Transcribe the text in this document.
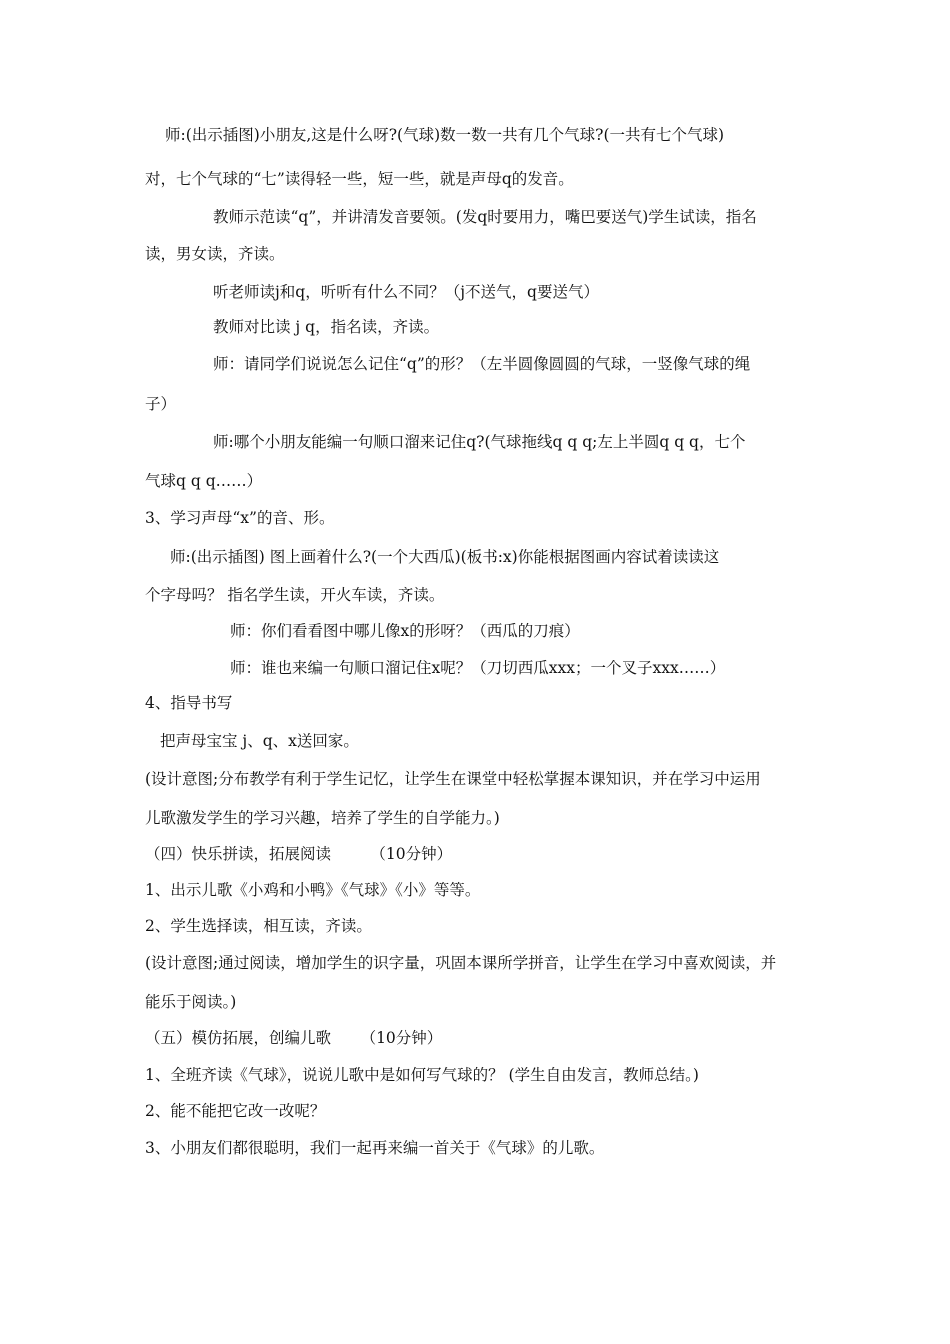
师:(出示插图)小朋友,这是什么呀?(气球)数一数一共有几个气球?(一共有七个气球)
对，七个气球的“七”读得轻一些，短一些，就是声母q的发音。
教师示范读“q”，并讲清发音要领。(发q时要用力，嘴巴要送气)学生试读，指名
读，男女读，齐读。
听老师读j和q，听听有什么不同？（j不送气，q要送气）
教师对比读 j q，指名读，齐读。
师：请同学们说说怎么记住“q”的形？（左半圆像圆圆的气球，一竖像气球的绳
子）
师:哪个小朋友能编一句顺口溜来记住q?(气球拖线q q q;左上半圆q q q，七个
气球q q q……）
3、学习声母“x”的音、形。
师:(出示插图) 图上画着什么?(一个大西瓜)(板书:x)你能根据图画内容试着读读这
个字母吗？ 指名学生读，开火车读，齐读。
师：你们看看图中哪儿像x的形呀？（西瓜的刀痕）
师：谁也来编一句顺口溜记住x呢？（刀切西瓜xxx；一个叉子xxx……）
4、指导书写
把声母宝宝 j、q、x送回家。
(设计意图;分布教学有利于学生记忆，让学生在课堂中轻松掌握本课知识，并在学习中运用
儿歌激发学生的学习兴趣，培养了学生的自学能力。)
（四）快乐拼读，拓展阅读        （10分钟）
1、出示儿歌《小鸡和小鸭》《气球》《小》等等。
2、学生选择读，相互读，齐读。
(设计意图;通过阅读，增加学生的识字量，巩固本课所学拼音，让学生在学习中喜欢阅读，并
能乐于阅读。)
（五）模仿拓展，创编儿歌      （10分钟）
1、全班齐读《气球》，说说儿歌中是如何写气球的？ (学生自由发言，教师总结。)
2、能不能把它改一改呢？
3、小朋友们都很聪明，我们一起再来编一首关于《气球》的儿歌。
